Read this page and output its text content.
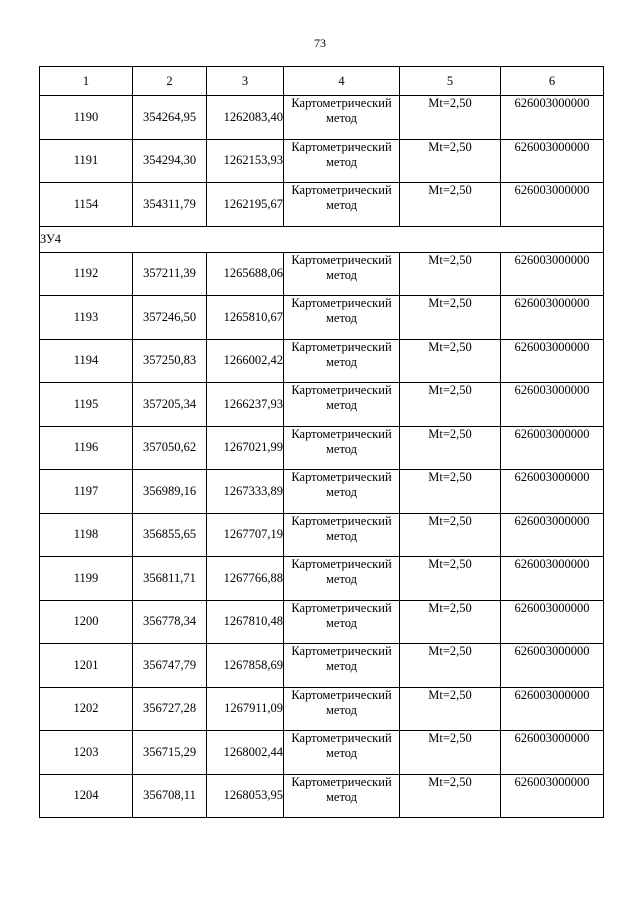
73
1	2	3	4	5	6
1190	354264,95	1262083,40	Картометрический метод	Mt=2,50	626003000000
1191	354294,30	1262153,93	Картометрический метод	Mt=2,50	626003000000
1154	354311,79	1262195,67	Картометрический метод	Mt=2,50	626003000000
ЗУ4					
1192	357211,39	1265688,06	Картометрический метод	Mt=2,50	626003000000
1193	357246,50	1265810,67	Картометрический метод	Mt=2,50	626003000000
1194	357250,83	1266002,42	Картометрический метод	Mt=2,50	626003000000
1195	357205,34	1266237,93	Картометрический метод	Mt=2,50	626003000000
1196	357050,62	1267021,99	Картометрический метод	Mt=2,50	626003000000
1197	356989,16	1267333,89	Картометрический метод	Mt=2,50	626003000000
1198	356855,65	1267707,19	Картометрический метод	Mt=2,50	626003000000
1199	356811,71	1267766,88	Картометрический метод	Mt=2,50	626003000000
1200	356778,34	1267810,48	Картометрический метод	Mt=2,50	626003000000
1201	356747,79	1267858,69	Картометрический метод	Mt=2,50	626003000000
1202	356727,28	1267911,09	Картометрический метод	Mt=2,50	626003000000
1203	356715,29	1268002,44	Картометрический метод	Mt=2,50	626003000000
1204	356708,11	1268053,95	Картометрический метод	Mt=2,50	626003000000
